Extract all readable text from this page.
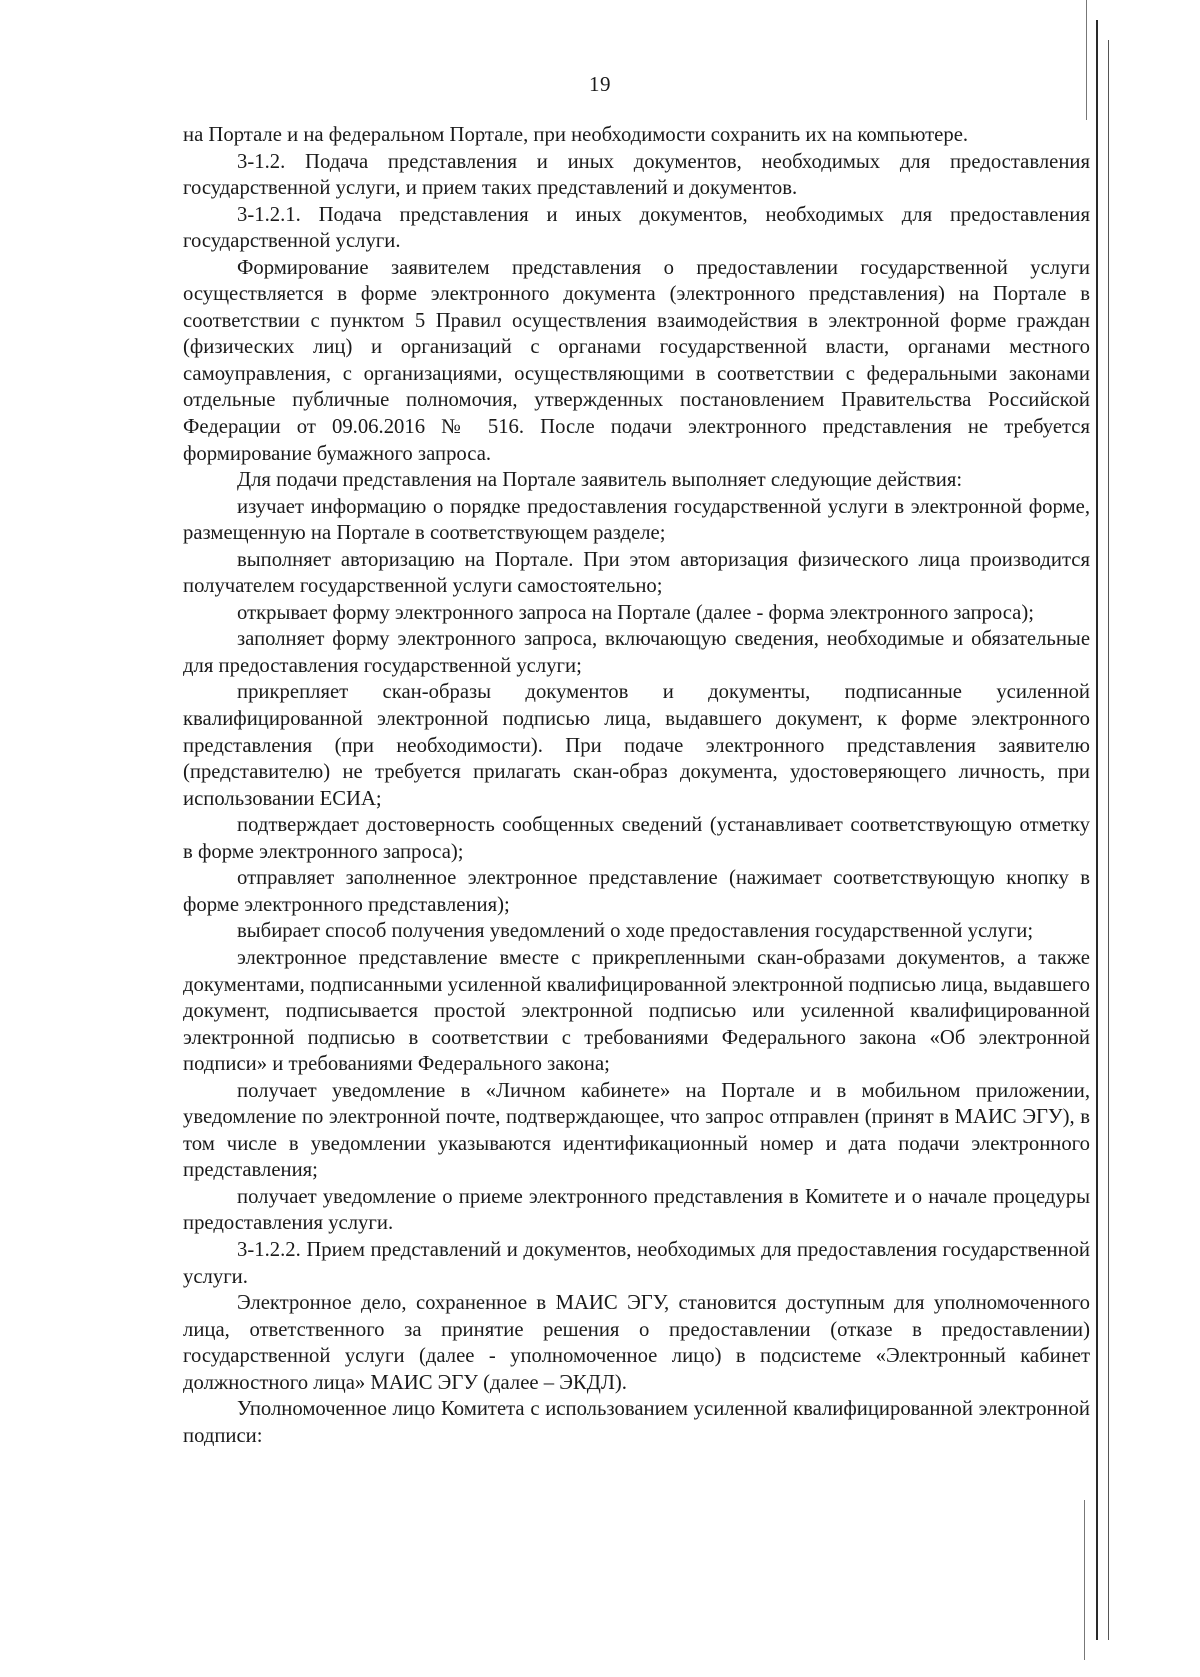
19

на Портале и на федеральном Портале, при необходимости сохранить их на компьютере.

3-1.2. Подача представления и иных документов, необходимых для предоставления государственной услуги, и прием таких представлений и документов.

3-1.2.1. Подача представления и иных документов, необходимых для предоставления государственной услуги.

Формирование заявителем представления о предоставлении государственной услуги осуществляется в форме электронного документа (электронного представления) на Портале в соответствии с пунктом 5 Правил осуществления взаимодействия в электронной форме граждан (физических лиц) и организаций с органами государственной власти, органами местного самоуправления, с организациями, осуществляющими в соответствии с федеральными законами отдельные публичные полномочия, утвержденных постановлением Правительства Российской Федерации от 09.06.2016 № 516. После подачи электронного представления не требуется формирование бумажного запроса.

Для подачи представления на Портале заявитель выполняет следующие действия:

изучает информацию о порядке предоставления государственной услуги в электронной форме, размещенную на Портале в соответствующем разделе;

выполняет авторизацию на Портале. При этом авторизация физического лица производится получателем государственной услуги самостоятельно;

открывает форму электронного запроса на Портале (далее - форма электронного запроса);

заполняет форму электронного запроса, включающую сведения, необходимые и обязательные для предоставления государственной услуги;

прикрепляет скан-образы документов и документы, подписанные усиленной квалифицированной электронной подписью лица, выдавшего документ, к форме электронного представления (при необходимости). При подаче электронного представления заявителю (представителю) не требуется прилагать скан-образ документа, удостоверяющего личность, при использовании ЕСИА;

подтверждает достоверность сообщенных сведений (устанавливает соответствующую отметку в форме электронного запроса);

отправляет заполненное электронное представление (нажимает соответствующую кнопку в форме электронного представления);

выбирает способ получения уведомлений о ходе предоставления государственной услуги;

электронное представление вместе с прикрепленными скан-образами документов, а также документами, подписанными усиленной квалифицированной электронной подписью лица, выдавшего документ, подписывается простой электронной подписью или усиленной квалифицированной электронной подписью в соответствии с требованиями Федерального закона «Об электронной подписи» и требованиями Федерального закона;

получает уведомление в «Личном кабинете» на Портале и в мобильном приложении, уведомление по электронной почте, подтверждающее, что запрос отправлен (принят в МАИС ЭГУ), в том числе в уведомлении указываются идентификационный номер и дата подачи электронного представления;

получает уведомление о приеме электронного представления в Комитете и о начале процедуры предоставления услуги.

3-1.2.2. Прием представлений и документов, необходимых для предоставления государственной услуги.

Электронное дело, сохраненное в МАИС ЭГУ, становится доступным для уполномоченного лица, ответственного за принятие решения о предоставлении (отказе в предоставлении) государственной услуги (далее - уполномоченное лицо) в подсистеме «Электронный кабинет должностного лица» МАИС ЭГУ (далее – ЭКДЛ).

Уполномоченное лицо Комитета с использованием усиленной квалифицированной электронной подписи:
